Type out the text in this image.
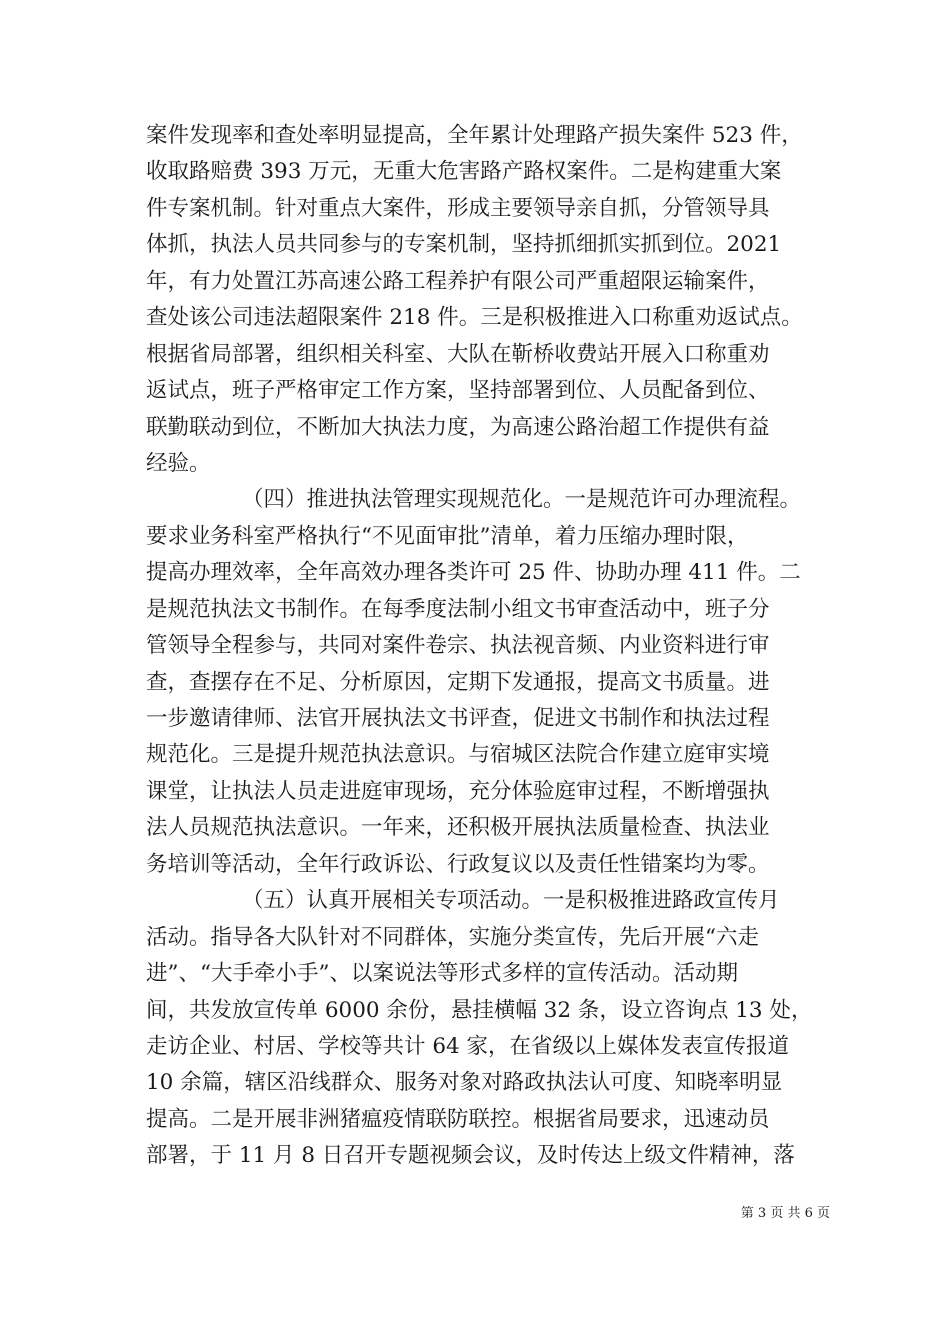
案件发现率和查处率明显提高，全年累计处理路产损失案件 523 件，
收取路赔费 393 万元，无重大危害路产路权案件。二是构建重大案
件专案机制。针对重点大案件，形成主要领导亲自抓，分管领导具
体抓，执法人员共同参与的专案机制，坚持抓细抓实抓到位。2021
年，有力处置江苏高速公路工程养护有限公司严重超限运输案件，
查处该公司违法超限案件 218 件。三是积极推进入口称重劝返试点。
根据省局部署，组织相关科室、大队在靳桥收费站开展入口称重劝
返试点，班子严格审定工作方案，坚持部署到位、人员配备到位、
联勤联动到位，不断加大执法力度，为高速公路治超工作提供有益
经验。
（四）推进执法管理实现规范化。一是规范许可办理流程。
要求业务科室严格执行“不见面审批”清单，着力压缩办理时限，
提高办理效率，全年高效办理各类许可 25 件、协助办理 411 件。二
是规范执法文书制作。在每季度法制小组文书审查活动中，班子分
管领导全程参与，共同对案件卷宗、执法视音频、内业资料进行审
查，查摆存在不足、分析原因，定期下发通报，提高文书质量。进
一步邀请律师、法官开展执法文书评查，促进文书制作和执法过程
规范化。三是提升规范执法意识。与宿城区法院合作建立庭审实境
课堂，让执法人员走进庭审现场，充分体验庭审过程，不断增强执
法人员规范执法意识。一年来，还积极开展执法质量检查、执法业
务培训等活动，全年行政诉讼、行政复议以及责任性错案均为零。
（五）认真开展相关专项活动。一是积极推进路政宣传月
活动。指导各大队针对不同群体，实施分类宣传，先后开展“六走
进”、“大手牵小手”、以案说法等形式多样的宣传活动。活动期
间，共发放宣传单 6000 余份，悬挂横幅 32 条，设立咨询点 13 处，
走访企业、村居、学校等共计 64 家，在省级以上媒体发表宣传报道
10 余篇，辖区沿线群众、服务对象对路政执法认可度、知晓率明显
提高。二是开展非洲猪瘟疫情联防联控。根据省局要求，迅速动员
部署，于 11 月 8 日召开专题视频会议，及时传达上级文件精神，落
第 3 页 共 6 页
